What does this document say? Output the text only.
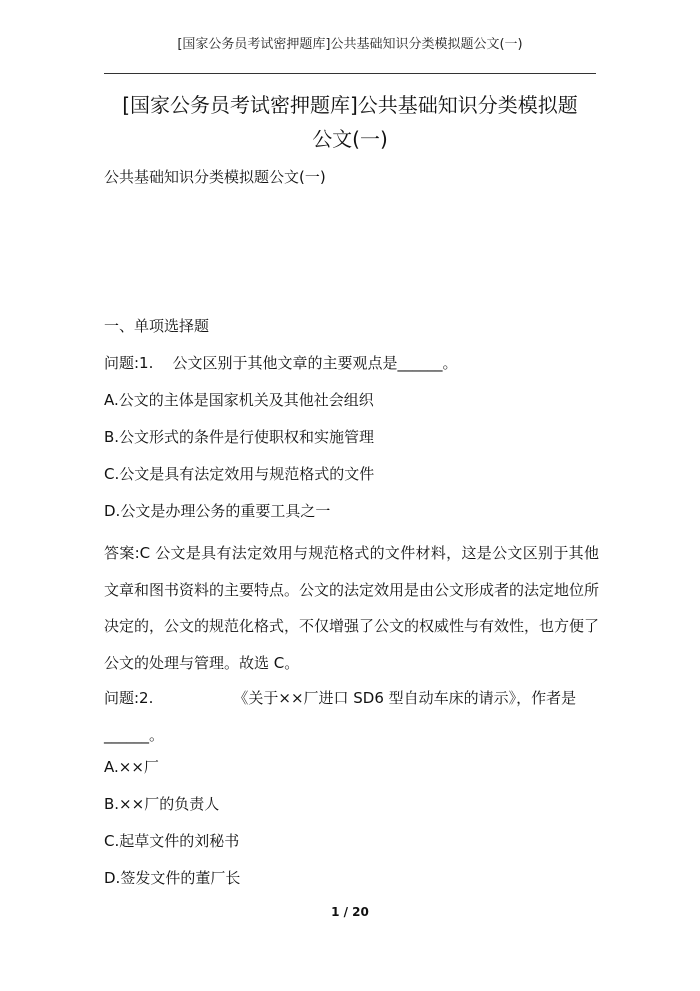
[国家公务员考试密押题库]公共基础知识分类模拟题公文(一)
[国家公务员考试密押题库]公共基础知识分类模拟题
公文(一)
公共基础知识分类模拟题公文(一)
一、单项选择题
问题:1. 公文区别于其他文章的主要观点是______。
A.公文的主体是国家机关及其他社会组织
B.公文形式的条件是行使职权和实施管理
C.公文是具有法定效用与规范格式的文件
D.公文是办理公务的重要工具之一
答案:C 公文是具有法定效用与规范格式的文件材料，这是公文区别于其他文章和图书资料的主要特点。公文的法定效用是由公文形成者的法定地位所决定的，公文的规范化格式，不仅增强了公文的权威性与有效性，也方便了公文的处理与管理。故选 C。
问题:2.	《关于××厂进口 SD6 型自动车床的请示》，作者是
______。
A.××厂
B.××厂的负责人
C.起草文件的刘秘书
D.签发文件的董厂长
1 / 20
